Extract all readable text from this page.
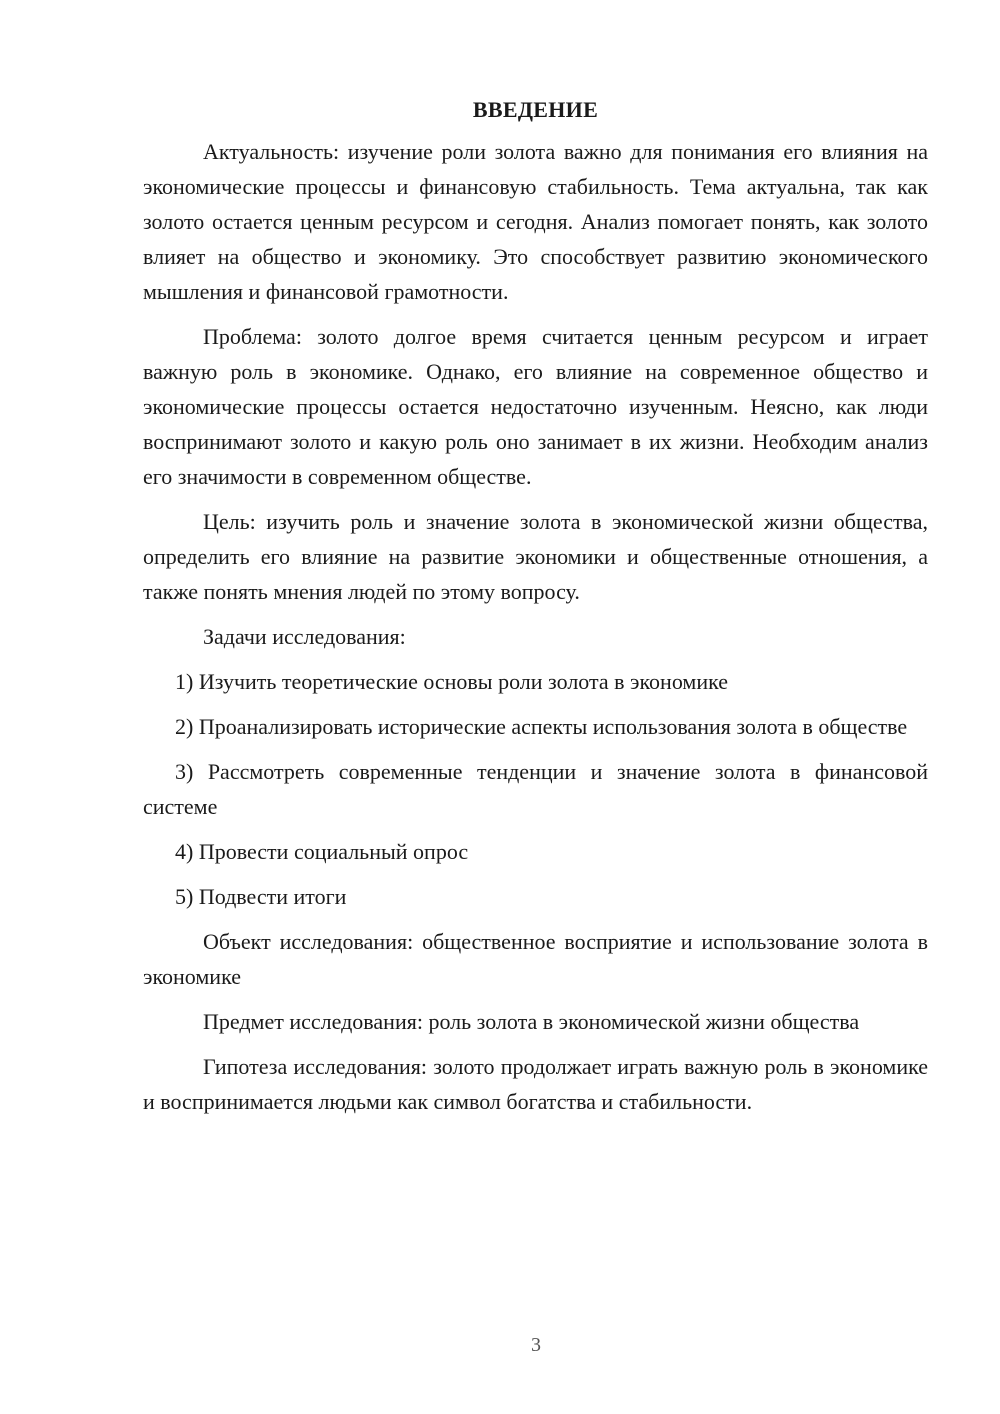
ВВЕДЕНИЕ

Актуальность: изучение роли золота важно для понимания его влияния на экономические процессы и финансовую стабильность. Тема актуальна, так как золото остается ценным ресурсом и сегодня. Анализ помогает понять, как золото влияет на общество и экономику. Это способствует развитию экономического мышления и финансовой грамотности.

Проблема: золото долгое время считается ценным ресурсом и играет важную роль в экономике. Однако, его влияние на современное общество и экономические процессы остается недостаточно изученным. Неясно, как люди воспринимают золото и какую роль оно занимает в их жизни. Необходим анализ его значимости в современном обществе.

Цель: изучить роль и значение золота в экономической жизни общества, определить его влияние на развитие экономики и общественные отношения, а также понять мнения людей по этому вопросу.

Задачи исследования:

1) Изучить теоретические основы роли золота в экономике

2) Проанализировать исторические аспекты использования золота в обществе

3) Рассмотреть современные тенденции и значение золота в финансовой системе

4) Провести социальный опрос

5) Подвести итоги

Объект исследования: общественное восприятие и использование золота в экономике

Предмет исследования: роль золота в экономической жизни общества

Гипотеза исследования: золото продолжает играть важную роль в экономике и воспринимается людьми как символ богатства и стабильности.

3
